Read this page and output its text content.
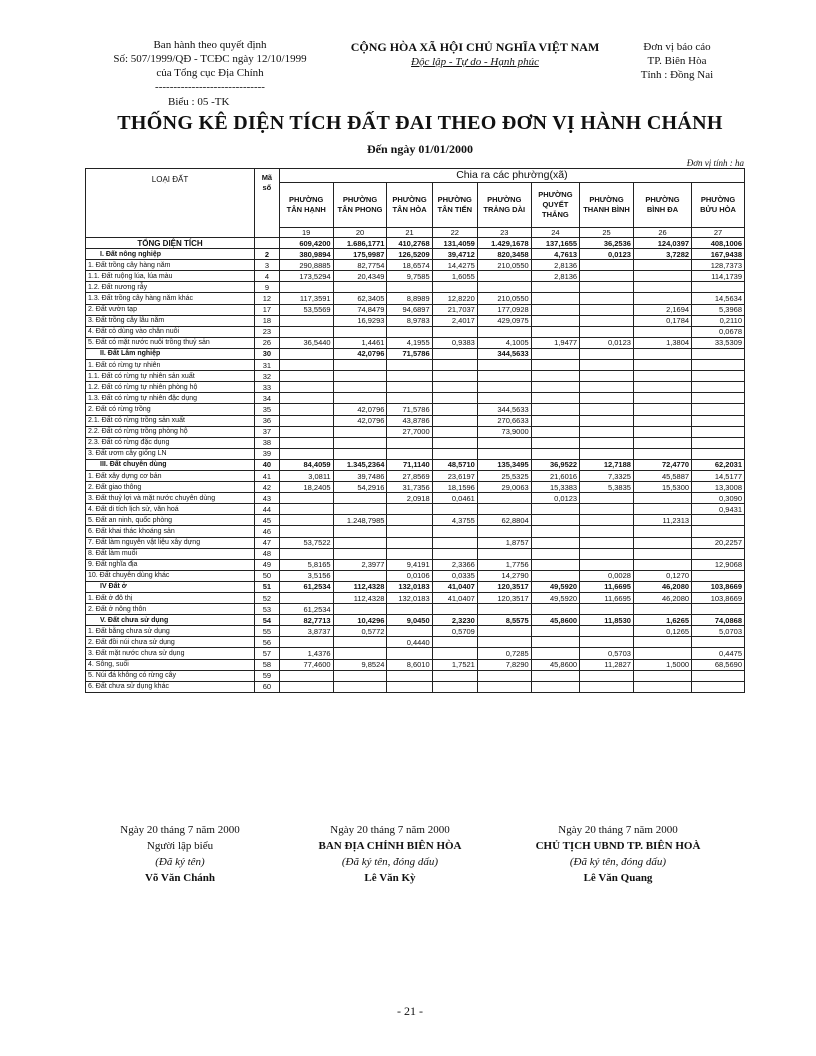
Ban hành theo quyết định
Số: 507/1999/QĐ - TCĐC ngày 12/10/1999
của Tổng cục Địa Chính
------------------------------
CỘNG HÒA XÃ HỘI CHỦ NGHĨA VIỆT NAM
Độc lập - Tự do - Hạnh phúc
Đơn vị báo cáo
TP. Biên Hòa
Tỉnh : Đồng Nai
Biểu : 05 -TK
THỐNG KÊ DIỆN TÍCH ĐẤT ĐAI THEO ĐƠN VỊ HÀNH CHÁNH
Đến ngày 01/01/2000
Đơn vị tính : ha
LOẠI ĐẤT	Mã số	Chia ra các phường(xã)								
		PHƯỜNG TÂN HẠNH	PHƯỜNG TÂN PHONG	PHƯỜNG TÂN HÒA	PHƯỜNG TÂN TIẾN	PHƯỜNG TRẢNG DÀI	PHƯỜNG QUYẾT THẮNG	PHƯỜNG THANH BÌNH	PHƯỜNG BÌNH ĐA	PHƯỜNG BỬU HÒA
		19	20	21	22	23	24	25	26	27
TỔNG DIỆN TÍCH		609,4200	1.686,1771	410,2768	131,4059	1.429,1678	137,1655	36,2536	124,0397	408,1006
I. Đất nông nghiệp	2	380,9894	175,9987	126,5209	39,4712	820,3458	4,7613	0,0123	3,7282	167,9438
1. Đất trồng cây hàng năm	3	290,8885	82,7754	18,6574	14,4275	210,0550	2,8136			128,7373
1.1. Đất ruộng lúa, lúa màu	4	173,5294	20,4349	9,7585	1,6055		2,8136			114,1739
1.2. Đất nương rẫy	9									
1.3. Đất trồng cây hàng năm khác	12	117,3591	62,3405	8,8989	12,8220	210,0550				14,5634
2. Đất vườn tạp	17	53,5569	74,8479	94,6897	21,7037	177,0928			2,1694	5,3968
3. Đất trồng cây lâu năm	18		16,9293	8,9783	2,4017	429,0975			0,1784	0,2110
4. Đất cỏ dùng vào chăn nuôi	23									0,0678
5. Đất có mặt nước nuôi trồng thuỷ sản	26	36,5440	1,4461	4,1955	0,9383	4,1005	1,9477	0,0123	1,3804	33,5309
II. Đất Lâm nghiệp	30		42,0796	71,5786		344,5633				
1. Đất có rừng tự nhiên	31									
1.1. Đất có rừng tự nhiên sản xuất	32									
1.2. Đất có rừng tự nhiên phòng hộ	33									
1.3. Đất có rừng tự nhiên đặc dụng	34									
2. Đất có rừng trồng	35		42,0796	71,5786		344,5633				
2.1. Đất có rừng trồng sản xuất	36		42,0796	43,8786		270,6633				
2.2. Đất có rừng trồng phòng hộ	37			27,7000		73,9000				
2.3. Đất có rừng đặc dụng	38									
3. Đất ươm cây giống LN	39									
III. Đất chuyên dùng	40	84,4059	1.345,2364	71,1140	48,5710	135,3495	36,9522	12,7188	72,4770	62,2031
1. Đất xây dựng cơ bản	41	3,0811	39,7486	27,8569	23,6197	25,5325	21,6016	7,3325	45,5887	14,5177
2. Đất giao thông	42	18,2405	54,2916	31,7356	18,1596	29,0063	15,3383	5,3835	15,5300	13,3008
3. Đất thuỷ lợi và mặt nước chuyên dùng	43			2,0918	0,0461		0,0123			0,3090
4. Đất di tích lịch sử, văn hoá	44									0,9431
5. Đất an ninh, quốc phòng	45		1.248,7985		4,3755	62,8804			11,2313	
6. Đất khai thác khoáng sản	46									
7. Đất làm nguyên vật liệu xây dựng	47	53,7522				1,8757				20,2257
8. Đất làm muối	48									
9. Đất nghĩa địa	49	5,8165	2,3977	9,4191	2,3366	1,7756				12,9068
10. Đất chuyên dùng khác	50	3,5156		0,0106	0,0335	14,2790		0,0028	0,1270	
IV Đất ở	51	61,2534	112,4328	132,0183	41,0407	120,3517	49,5920	11,6695	46,2080	103,8669
1. Đất ở đô thị	52		112,4328	132,0183	41,0407	120,3517	49,5920	11,6695	46,2080	103,8669
2. Đất ở nông thôn	53	61,2534								
V. Đất chưa sử dụng	54	82,7713	10,4296	9,0450	2,3230	8,5575	45,8600	11,8530	1,6265	74,0868
1. Đất bằng chưa sử dụng	55	3,8737	0,5772		0,5709				0,1265	5,0703
2. Đất đồi núi chưa sử dụng	56			0,4440						
3. Đất mặt nước chưa sử dụng	57	1,4376				0,7285		0,5703		0,4475
4. Sông, suối	58	77,4600	9,8524	8,6010	1,7521	7,8290	45,8600	11,2827	1,5000	68,5690
5. Núi đá không có rừng cây	59									
6. Đất chưa sử dụng khác	60									
Ngày 20 tháng 7 năm 2000
Người lập biểu
(Đã ký tên)
Võ Văn Chánh
Ngày 20 tháng 7 năm 2000
BAN ĐỊA CHÍNH BIÊN HÒA
(Đã ký tên, đóng dấu)
Lê Văn Kỳ
Ngày 20 tháng 7 năm 2000
CHỦ TỊCH UBND TP. BIÊN HOÀ
(Đã ký tên, đóng dấu)
Lê Văn Quang
- 21 -
